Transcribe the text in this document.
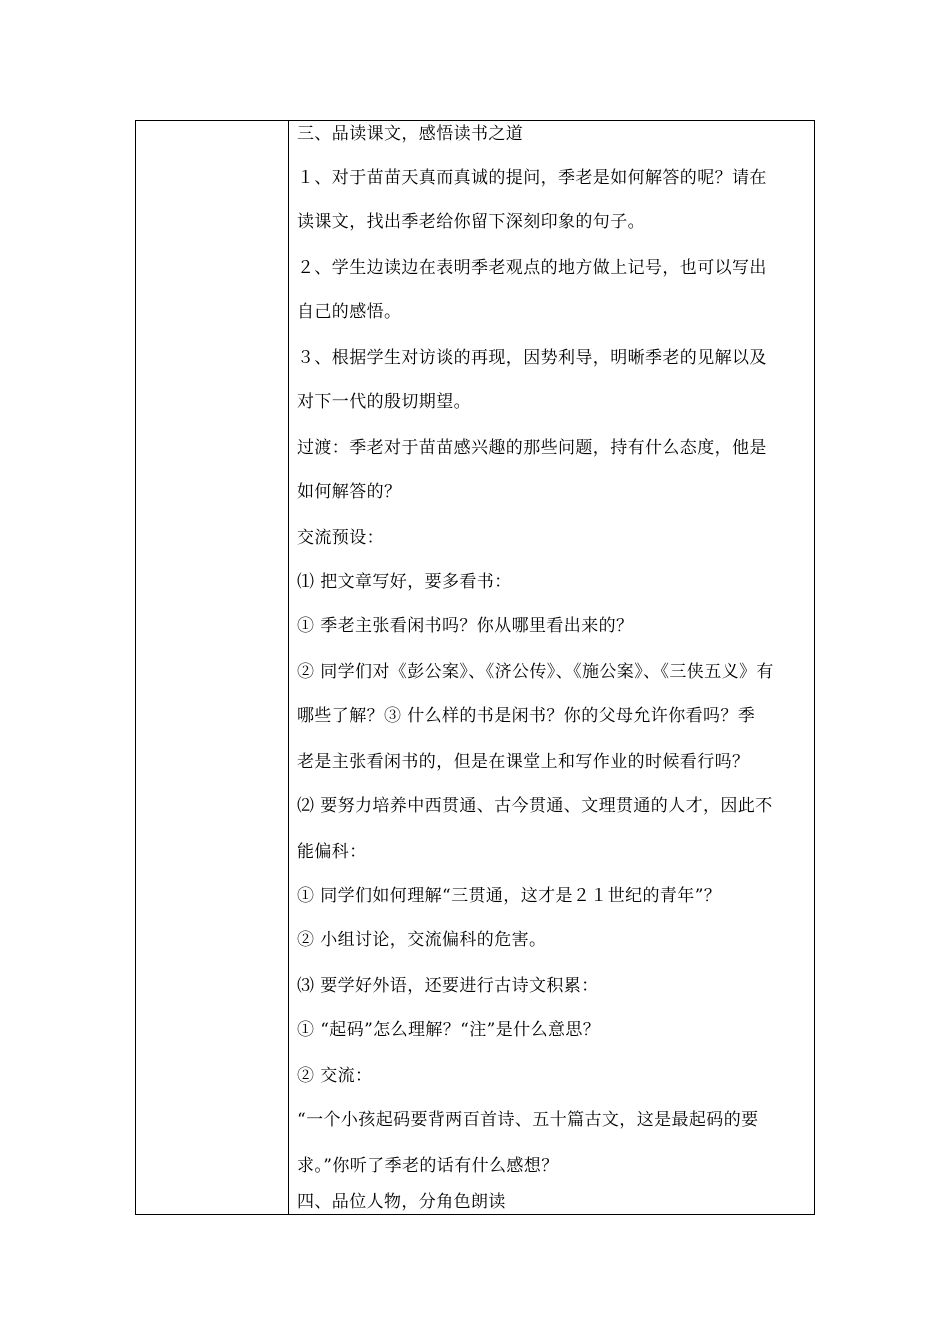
三、品读课文，感悟读书之道
１、对于苗苗天真而真诚的提问，季老是如何解答的呢？请在
读课文，找出季老给你留下深刻印象的句子。
２、学生边读边在表明季老观点的地方做上记号，也可以写出
自己的感悟。
３、根据学生对访谈的再现，因势利导，明晰季老的见解以及
对下一代的殷切期望。
过渡：季老对于苗苗感兴趣的那些问题，持有什么态度，他是
如何解答的？
交流预设：
⑴ 把文章写好，要多看书：
① 季老主张看闲书吗？你从哪里看出来的？
② 同学们对《彭公案》、《济公传》、《施公案》、《三侠五义》有
哪些了解？③ 什么样的书是闲书？你的父母允许你看吗？季
老是主张看闲书的，但是在课堂上和写作业的时候看行吗？
⑵ 要努力培养中西贯通、古今贯通、文理贯通的人才，因此不
能偏科：
① 同学们如何理解“三贯通，这才是２１世纪的青年”？
② 小组讨论，交流偏科的危害。
⑶ 要学好外语，还要进行古诗文积累：
① “起码”怎么理解？“注”是什么意思？
② 交流：
“一个小孩起码要背两百首诗、五十篇古文，这是最起码的要
求。”你听了季老的话有什么感想？
四、品位人物，分角色朗读
